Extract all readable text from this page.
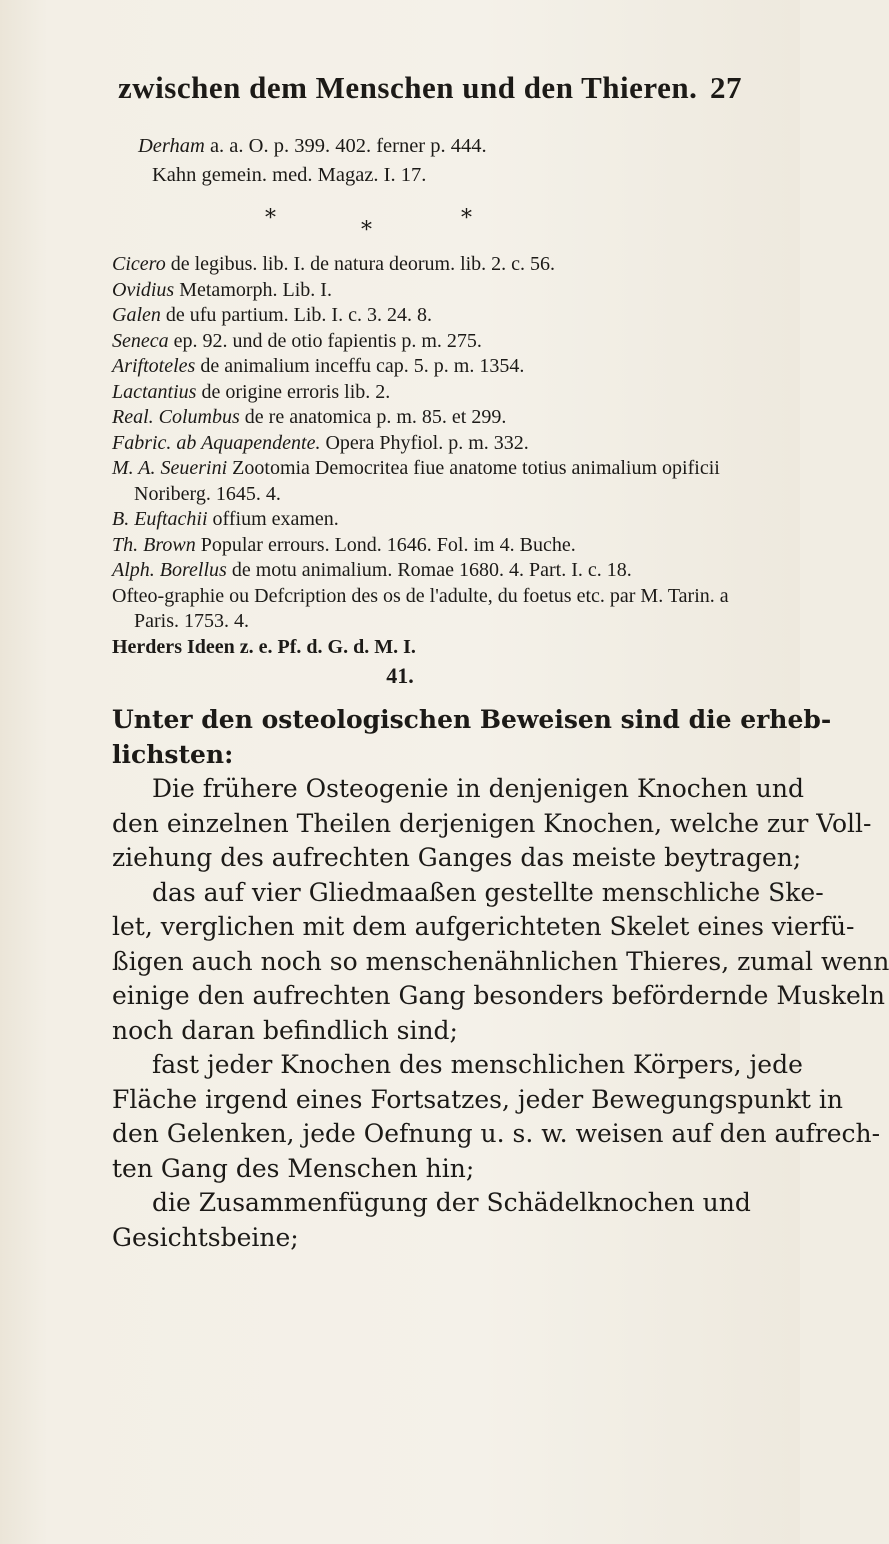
zwischen dem Menschen und den Thieren. 27
Derham a. a. O. p. 399. 402. ferner p. 444.
Kahn gemein. med. Magaz. I. 17.
*	*	*
Cicero de legibus. lib. I. de natura deorum. lib. 2. c. 56.
Ovidius Metamorph. Lib. I.
Galen de ufu partium. Lib. I. c. 3. 24. 8.
Seneca ep. 92. und de otio fapientis p. m. 275.
Ariftoteles de animalium inceffu cap. 5. p. m. 1354.
Lactantius de origine erroris lib. 2.
Real. Columbus de re anatomica p. m. 85. et 299.
Fabric. ab Aquapendente. Opera Phyfiol. p. m. 332.
M. A. Seuerini Zootomia Democritea fiue anatome totius animalium opificii Noriberg. 1645. 4.
B. Euftachii offium examen.
Th. Brown Popular errours. Lond. 1646. Fol. im 4. Buche.
Alph. Borellus de motu animalium. Romae 1680. 4. Part. I. c. 18.
Ofteo-graphie ou Defcription des os de l'adulte, du foetus etc. par M. Tarin. a Paris. 1753. 4.
Herders Ideen z. e. Pf. d. G. d. M. I.
41.
Unter den osteologischen Beweisen sind die erheb-
lichsten:
Die frühere Osteogenie in denjenigen Knochen und
den einzelnen Theilen derjenigen Knochen, welche zur Voll-
ziehung des aufrechten Ganges das meiste beytragen;
das auf vier Gliedmaaßen gestellte menschliche Ske-
let, verglichen mit dem aufgerichteten Skelet eines vierfü-
ßigen auch noch so menschenähnlichen Thieres, zumal wenn
einige den aufrechten Gang besonders befördernde Muskeln
noch daran befindlich sind;
fast jeder Knochen des menschlichen Körpers, jede
Fläche irgend eines Fortsatzes, jeder Bewegungspunkt in
den Gelenken, jede Oefnung u. s. w. weisen auf den aufrech-
ten Gang des Menschen hin;
die Zusammenfügung der Schädelknochen und
Gesichtsbeine;
